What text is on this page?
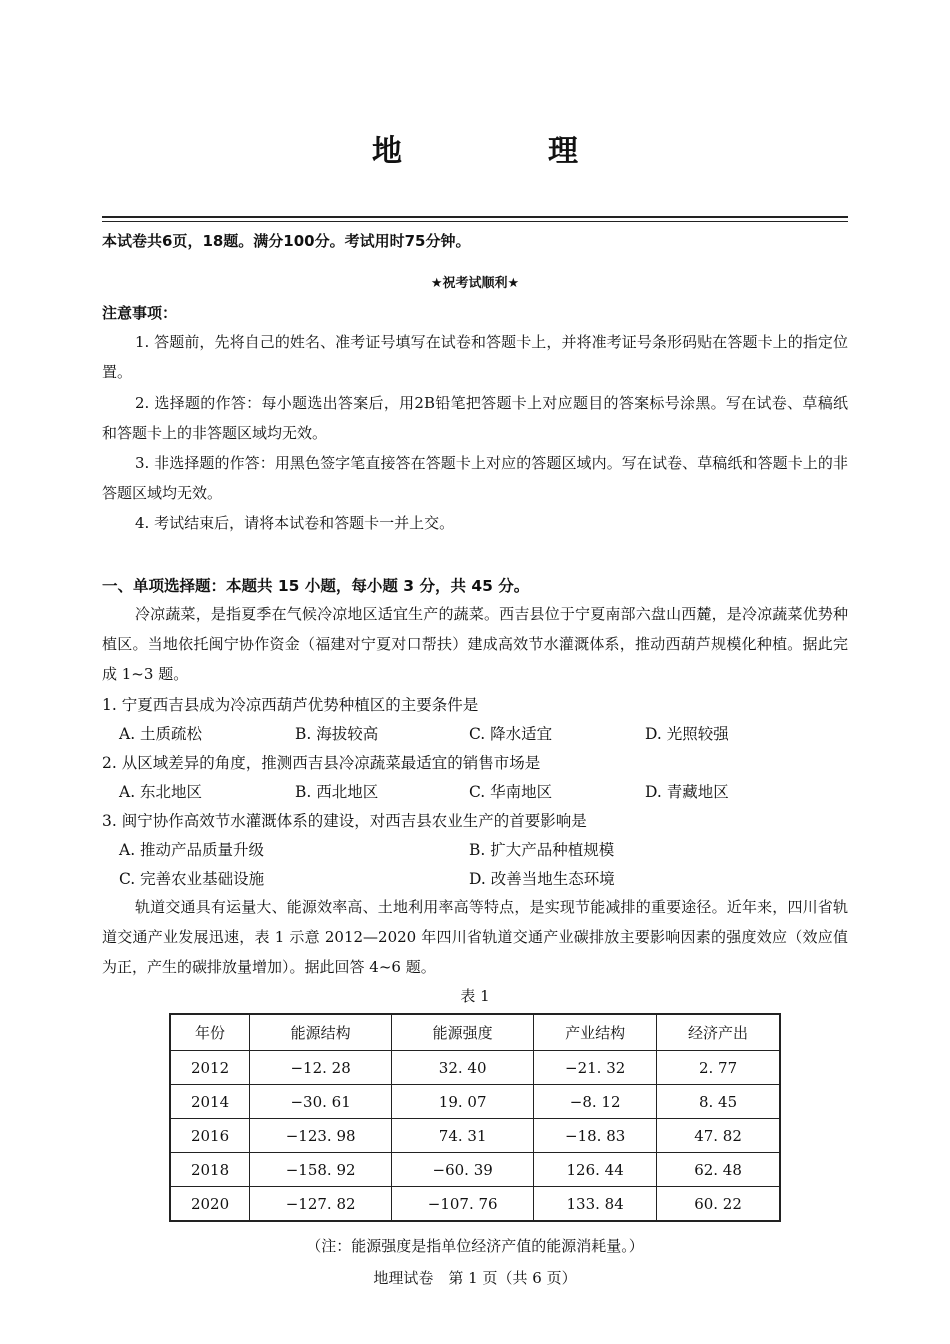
地　理
本试卷共6页，18题。满分100分。考试用时75分钟。
★祝考试顺利★
注意事项：

1. 答题前，先将自己的姓名、准考证号填写在试卷和答题卡上，并将准考证号条形码贴在答题卡上的指定位置。

2. 选择题的作答：每小题选出答案后，用2B铅笔把答题卡上对应题目的答案标号涂黑。写在试卷、草稿纸和答题卡上的非答题区域均无效。

3. 非选择题的作答：用黑色签字笔直接答在答题卡上对应的答题区域内。写在试卷、草稿纸和答题卡上的非答题区域均无效。

4. 考试结束后，请将本试卷和答题卡一并上交。

一、单项选择题：本题共 15 小题，每小题 3 分，共 45 分。

冷凉蔬菜，是指夏季在气候冷凉地区适宜生产的蔬菜。西吉县位于宁夏南部六盘山西麓，是冷凉蔬菜优势种植区。当地依托闽宁协作资金（福建对宁夏对口帮扶）建成高效节水灌溉体系，推动西葫芦规模化种植。据此完成 1~3 题。

1. 宁夏西吉县成为冷凉西葫芦优势种植区的主要条件是
A. 土质疏松	B. 海拔较高	C. 降水适宜	D. 光照较强
2. 从区域差异的角度，推测西吉县冷凉蔬菜最适宜的销售市场是
A. 东北地区	B. 西北地区	C. 华南地区	D. 青藏地区
3. 闽宁协作高效节水灌溉体系的建设，对西吉县农业生产的首要影响是
A. 推动产品质量升级	B. 扩大产品种植规模
C. 完善农业基础设施	D. 改善当地生态环境

轨道交通具有运量大、能源效率高、土地利用率高等特点，是实现节能减排的重要途径。近年来，四川省轨道交通产业发展迅速，表 1 示意 2012—2020 年四川省轨道交通产业碳排放主要影响因素的强度效应（效应值为正，产生的碳排放量增加）。据此回答 4~6 题。

表 1
年份	能源结构	能源强度	产业结构	经济产出
2012	−12. 28	32. 40	−21. 32	2. 77
2014	−30. 61	19. 07	−8. 12	8. 45
2016	−123. 98	74. 31	−18. 83	47. 82
2018	−158. 92	−60. 39	126. 44	62. 48
2020	−127. 82	−107. 76	133. 84	60. 22
（注：能源强度是指单位经济产值的能源消耗量。）
地理试卷　第 1 页（共 6 页）
